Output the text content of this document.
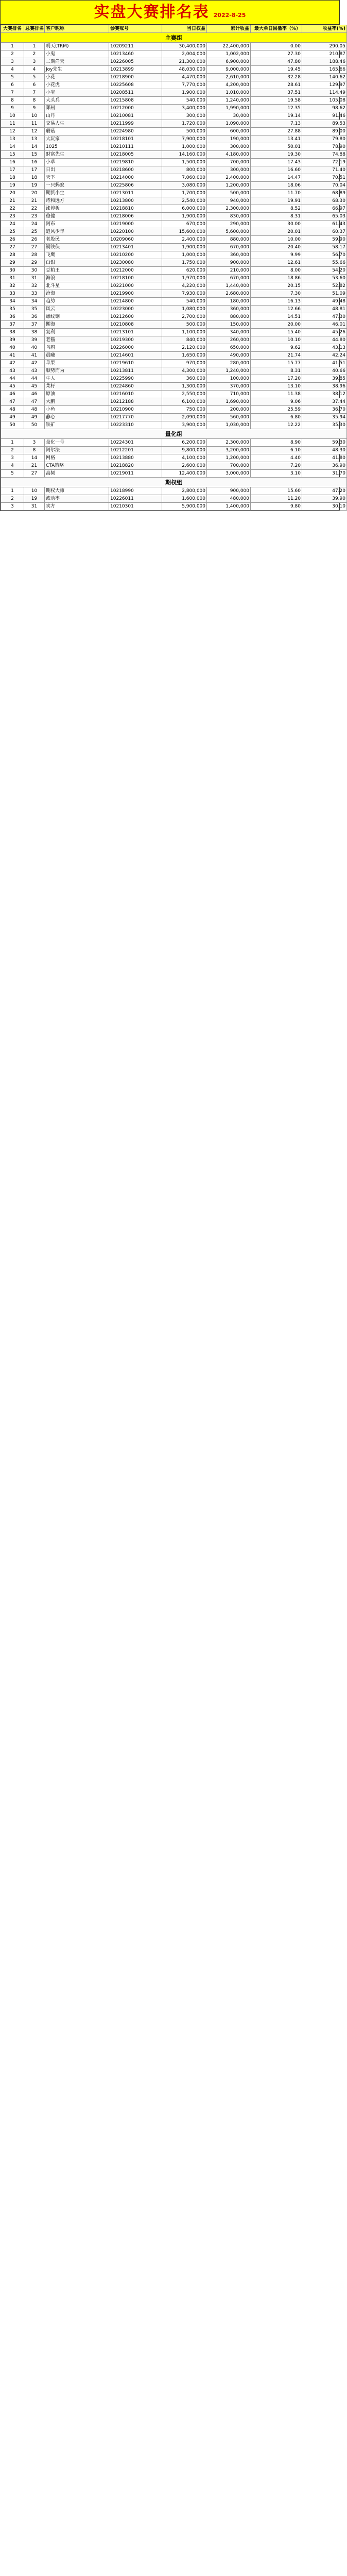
实盘大赛排名表 2022-8-25
大赛排名	总赛排名	客户昵称	参赛账号	当日权益	累计收益	最大单日回撤率（%）	收益率(%)
主赛组							
1	1	明天(TRM)	10209211	30,400,000	22,400,000	0.00	290.05
2	2	小鬼	10213460	2,004,000	1,002,000	27.30	210.87
3	3	二期尚天	10226005	21,300,000	6,900,000	47.80	188.46
4	4	Joy先生	10213899	48,030,000	9,000,000	19.45	165.66
5	5	小花	10218900	4,470,000	2,610,000	32.28	140.62
6	6	小花虎	10225608	7,770,000	4,200,000	28.61	129.97
7	7	小宝	10208511	1,900,000	1,010,000	37.51	114.49
8	8	大头兵	10215808	540,000	1,240,000	19.58	105.08
9	9	郑州	10212000	3,400,000	1,990,000	12.35	98.62
10	10	山丹	10210081	300,000	30,000	19.14	91.46
11	11	交易人生	10211999	1,720,000	1,090,000	7.13	89.53
12	12	蘑菇	10224980	500,000	600,000	27.88	89.00
13	13	大玩家	10218101	7,900,000	190,000	13.41	79.80
14	14	1025	10210111	1,000,000	300,000	50.01	78.90
15	15	财富先生	10218005	14,160,000	4,180,000	19.30	74.88
16	16	小草	10219810	1,500,000	700,000	17.43	72.19
17	17	日出	10218600	800,000	300,000	16.60	71.40
18	18	天下	10214000	7,060,000	2,400,000	14.47	70.51
19	19	一只蚂蚁	10225806	3,080,000	1,200,000	18.06	70.04
20	20	期货小生	10213011	1,700,000	500,000	11.70	68.89
21	21	诗和远方	10213800	2,540,000	940,000	19.91	68.30
22	22	涨停板	10218810	6,000,000	2,300,000	8.52	66.97
23	23	稳健	10218006	1,900,000	830,000	8.31	65.03
24	24	阿布	10219000	670,000	290,000	30.00	61.43
25	25	追风少年	10220100	15,600,000	5,600,000	20.01	60.37
26	26	老股民	10209060	2,400,000	880,000	10.00	59.90
27	27	铜铁侠	10213401	1,900,000	670,000	20.40	58.17
28	28	飞鹰	10210200	1,000,000	360,000	9.99	56.70
29	29	白银	10230080	1,750,000	900,000	12.61	55.66
30	30	豆粕王	10212000	620,000	210,000	8.00	54.20
31	31	海浪	10218100	1,970,000	670,000	18.86	53.60
32	32	北斗星	10221000	4,220,000	1,440,000	20.15	52.82
33	33	沧海	10219900	7,930,000	2,680,000	7.30	51.09
34	34	趋势	10214800	540,000	180,000	16.13	49.48
35	35	风云	10223000	1,080,000	360,000	12.66	48.81
36	36	螺纹钢	10212600	2,700,000	880,000	14.51	47.30
37	37	期海	10210808	500,000	150,000	20.00	46.01
38	38	复利	10213101	1,100,000	340,000	15.40	45.26
39	39	老猫	10219300	840,000	260,000	10.10	44.80
40	40	乌鸦	10226000	2,120,000	650,000	9.62	43.13
41	41	晨曦	10214601	1,650,000	490,000	21.74	42.24
42	42	苹果	10219610	970,000	280,000	15.77	41.51
43	43	顺势而为	10213811	4,300,000	1,240,000	8.31	40.66
44	44	牛人	10225990	360,000	100,000	17.20	39.85
45	45	菜籽	10224860	1,300,000	370,000	13.10	38.96
46	46	原油	10216010	2,550,000	710,000	11.38	38.12
47	47	大鹏	10212188	6,100,000	1,690,000	9.06	37.44
48	48	小鱼	10210900	750,000	200,000	25.59	36.70
49	49	静心	10217770	2,090,000	560,000	6.80	35.94
50	50	铁矿	10223310	3,900,000	1,030,000	12.22	35.30
量化组							
1	3	量化一号	10224301	6,200,000	2,300,000	8.90	59.30
2	8	阿尔法	10212201	9,800,000	3,200,000	6.10	48.30
3	14	网格	10213880	4,100,000	1,200,000	4.40	41.80
4	21	CTA策略	10218820	2,600,000	700,000	7.20	36.90
5	27	高频	10219011	12,400,000	3,000,000	3.10	31.70
期权组							
1	10	期权大师	10218990	2,800,000	900,000	15.60	47.20
2	19	波动率	10226011	1,600,000	480,000	11.20	39.90
3	31	卖方	10210301	5,900,000	1,400,000	9.80	30.10
